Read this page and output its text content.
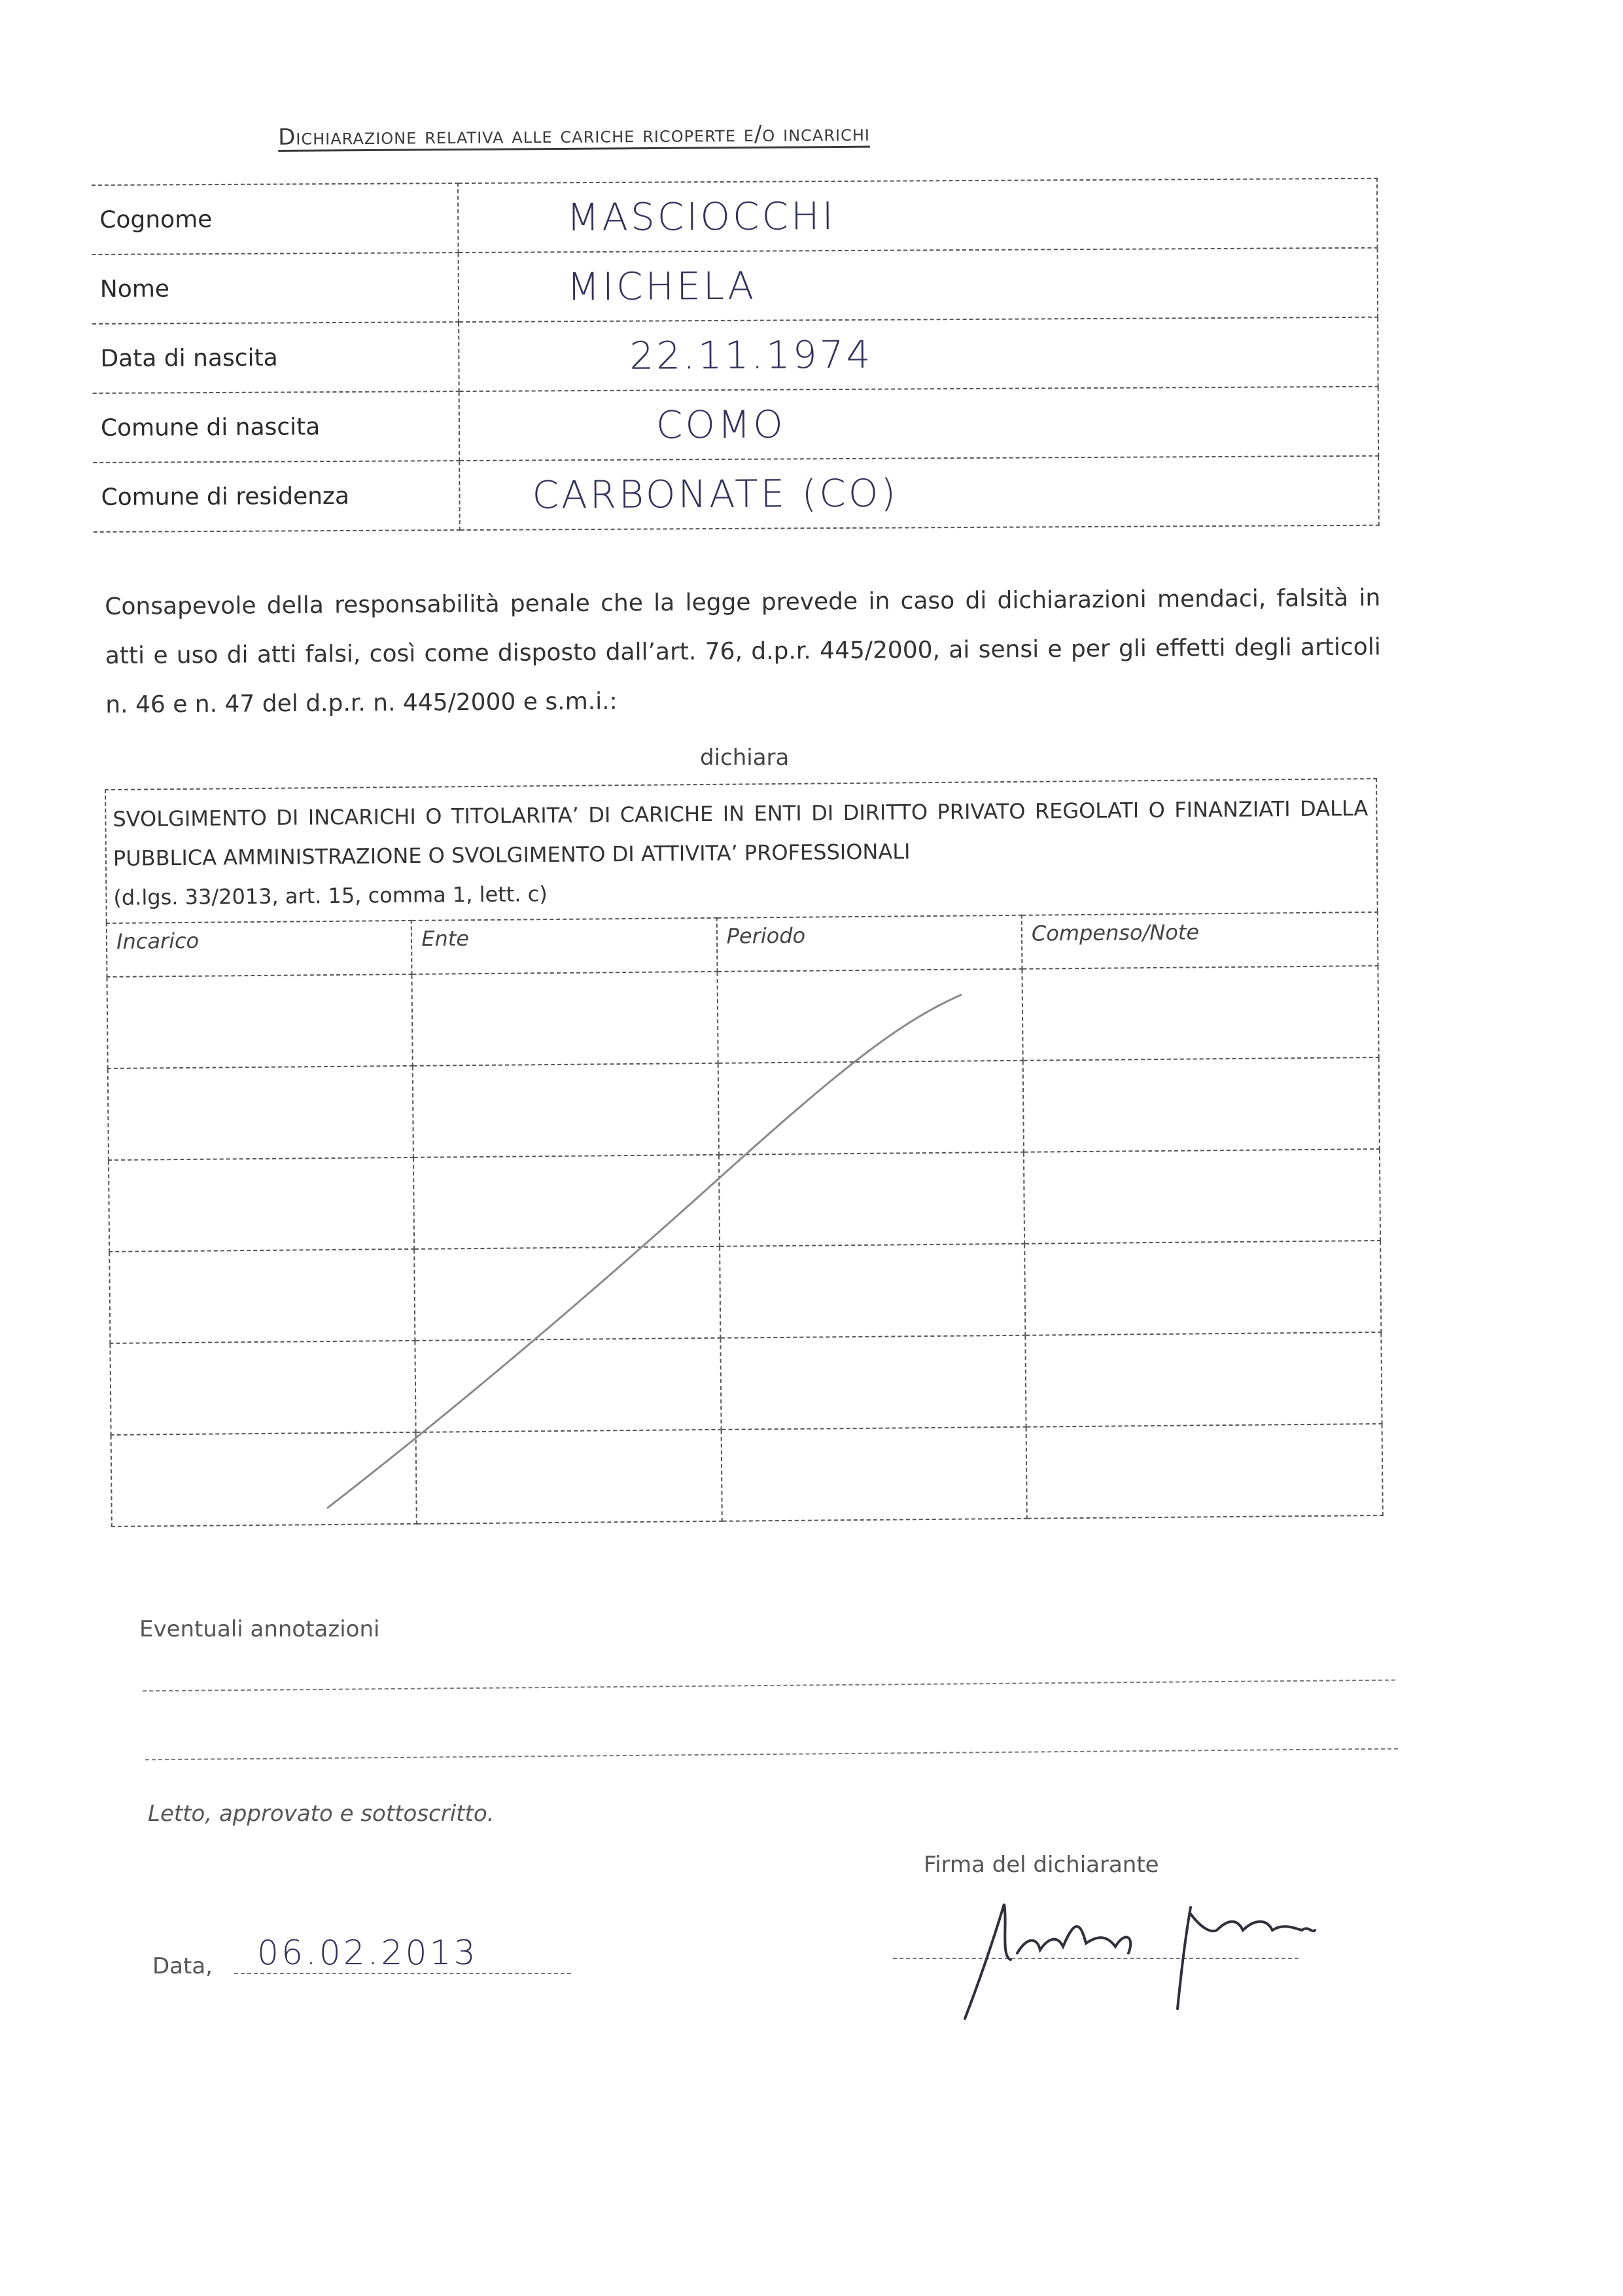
Dichiarazione relativa alle cariche ricoperte e/o incarichi
Cognome	MASCIOCCHI
Nome	MICHELA
Data di nascita	22.11.1974
Comune di nascita	COMO
Comune di residenza	CARBONATE (CO)
Consapevole della responsabilità penale che la legge prevede in caso di dichiarazioni mendaci, falsità in atti e uso di atti falsi, così come disposto dall’art. 76, d.p.r. 445/2000, ai sensi e per gli effetti degli articoli n. 46 e n. 47 del d.p.r. n. 445/2000 e s.m.i.:
dichiara
SVOLGIMENTO DI INCARICHI O TITOLARITA’ DI CARICHE IN ENTI DI DIRITTO PRIVATO REGOLATI O FINANZIATI DALLA PUBBLICA AMMINISTRAZIONE O SVOLGIMENTO DI ATTIVITA’ PROFESSIONALI
(d.lgs. 33/2013, art. 15, comma 1, lett. c)
Incarico	Ente	Periodo	Compenso/Note

Eventuali annotazioni
Letto, approvato e sottoscritto.
Firma del dichiarante
Data, 06.02.2013
